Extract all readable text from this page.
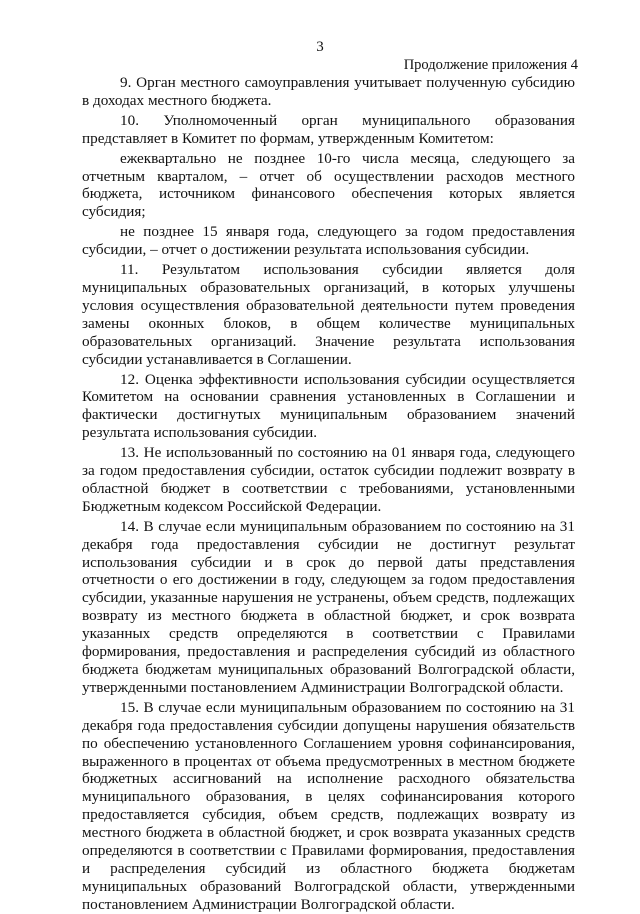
3
Продолжение приложения 4

9. Орган местного самоуправления учитывает полученную субсидию в доходах местного бюджета.

10. Уполномоченный орган муниципального образования представляет в Комитет по формам, утвержденным Комитетом:

ежеквартально не позднее 10-го числа месяца, следующего за отчетным кварталом, – отчет об осуществлении расходов местного бюджета, источником финансового обеспечения которых является субсидия;

не позднее 15 января года, следующего за годом предоставления субсидии, – отчет о достижении результата использования субсидии.

11. Результатом использования субсидии является доля муниципальных образовательных организаций, в которых улучшены условия осуществления образовательной деятельности путем проведения замены оконных блоков, в общем количестве муниципальных образовательных организаций. Значение результата использования субсидии устанавливается в Соглашении.

12. Оценка эффективности использования субсидии осуществляется Комитетом на основании сравнения установленных в Соглашении и фактически достигнутых муниципальным образованием значений результата использования субсидии.

13. Не использованный по состоянию на 01 января года, следующего за годом предоставления субсидии, остаток субсидии подлежит возврату в областной бюджет в соответствии с требованиями, установленными Бюджетным кодексом Российской Федерации.

14. В случае если муниципальным образованием по состоянию на 31 декабря года предоставления субсидии не достигнут результат использования субсидии и в срок до первой даты представления отчетности о его достижении в году, следующем за годом предоставления субсидии, указанные нарушения не устранены, объем средств, подлежащих возврату из местного бюджета в областной бюджет, и срок возврата указанных средств определяются в соответствии с Правилами формирования, предоставления и распределения субсидий из областного бюджета бюджетам муниципальных образований Волгоградской области, утвержденными постановлением Администрации Волгоградской области.

15. В случае если муниципальным образованием по состоянию на 31 декабря года предоставления субсидии допущены нарушения обязательств по обеспечению установленного Соглашением уровня софинансирования, выраженного в процентах от объема предусмотренных в местном бюджете бюджетных ассигнований на исполнение расходного обязательства муниципального образования, в целях софинансирования которого предоставляется субсидия, объем средств, подлежащих возврату из местного бюджета в областной бюджет, и срок возврата указанных средств определяются в соответствии с Правилами формирования, предоставления и распределения субсидий из областного бюджета бюджетам муниципальных образований Волгоградской области, утвержденными постановлением Администрации Волгоградской области.
